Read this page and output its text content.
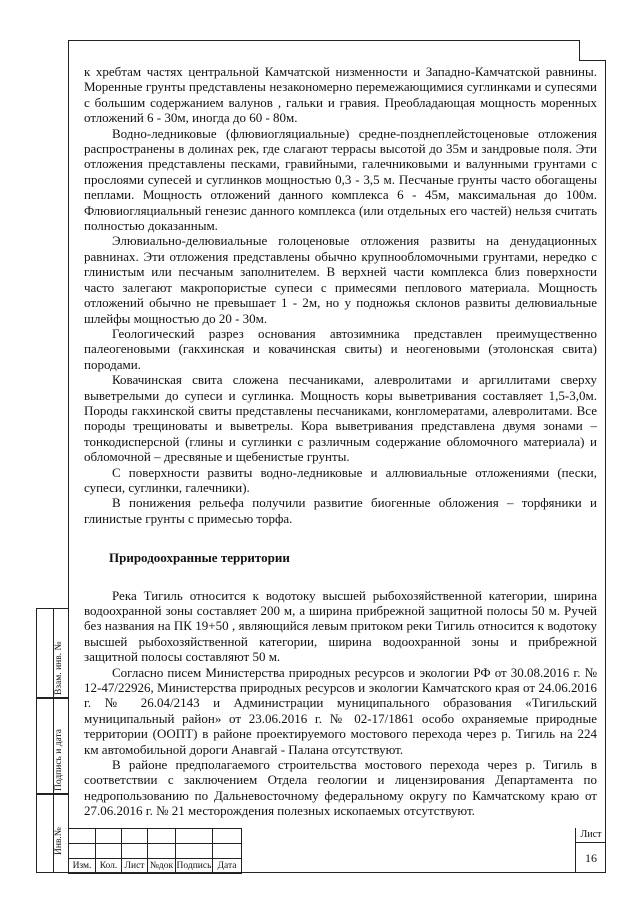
к хребтам частях центральной Камчатской низменности и Западно-Камчатской равнины. Моренные грунты представлены незакономерно перемежающимися суглинками и супесями с большим содержанием валунов , гальки и гравия. Преобладающая мощность моренных отложений 6 - 30м, иногда до 60 - 80м.

Водно-ледниковые (флювиогляциальные) средне-позднеплейстоценовые отложения распространены в долинах рек, где слагают террасы высотой до 35м и зандровые поля. Эти отложения представлены песками, гравийными, галечниковыми и валунными грунтами с прослоями супесей и суглинков мощностью 0,3 - 3,5 м. Песчаные грунты часто обогащены пеплами. Мощность отложений данного комплекса 6 - 45м, максимальная до 100м. Флювиогляциальный генезис данного комплекса (или отдельных его частей) нельзя считать полностью доказанным.

Элювиально-делювиальные голоценовые отложения развиты на денудационных равнинах. Эти отложения представлены обычно крупнообломочными грунтами, нередко с глинистым или песчаным заполнителем. В верхней части комплекса близ поверхности часто залегают макропористые супеси с примесями пеплового материала. Мощность отложений обычно не превышает 1 - 2м, но у подножья склонов развиты делювиальные шлейфы мощностью до 20 - 30м.

Геологический разрез основания автозимника представлен преимущественно палеогеновыми (гакхинская и ковачинская свиты) и неогеновыми (этолонская свита) породами.

Ковачинская свита сложена песчаниками, алевролитами и аргиллитами сверху выветрелыми до супеси и суглинка. Мощность коры выветривания составляет 1,5-3,0м. Породы гакхинской свиты представлены песчаниками, конгломератами, алевролитами. Все породы трещиноваты и выветрелы. Кора выветривания представлена двумя зонами – тонкодисперсной (глины и суглинки с различным содержание обломочного материала) и обломочной – дресвяные и щебенистые грунты.

С поверхности развиты водно-ледниковые и аллювиальные отложениями (пески, супеси, суглинки, галечники).

В понижения рельефа получили развитие биогенные обложения – торфяники и глинистые грунты с примесью торфа.

Природоохранные территории

Река Тигиль относится к водотоку высшей рыбохозяйственной категории, ширина водоохранной зоны составляет 200 м, а ширина прибрежной защитной полосы 50 м. Ручей без названия на ПК 19+50 , являющийся левым притоком реки Тигиль относится к водотоку высшей рыбохозяйственной категории, ширина водоохранной зоны и прибрежной защитной полосы составляют 50 м.

Согласно писем Министерства природных ресурсов и экологии РФ от 30.08.2016 г. № 12-47/22926, Министерства природных ресурсов и экологии Камчатского края от 24.06.2016 г. № 26.04/2143 и Администрации муниципального образования «Тигильский муниципальный район» от 23.06.2016 г. № 02-17/1861 особо охраняемые природные территории (ООПТ) в районе проектируемого мостового перехода через р. Тигиль на 224 км автомобильной дороги Анавгай - Палана отсутствуют.

В районе предполагаемого строительства мостового перехода через р. Тигиль в соответствии с заключением Отдела геологии и лицензирования Департамента по недропользованию по Дальневосточному федеральному округу по Камчатскому краю от 27.06.2016 г. № 21 месторождения полезных ископаемых отсутствуют.

Взам. инв. №
Подпись и дата
Инв.№

Изм.	Кол.	Лист	№док	Подпись	Дата
Лист
16
